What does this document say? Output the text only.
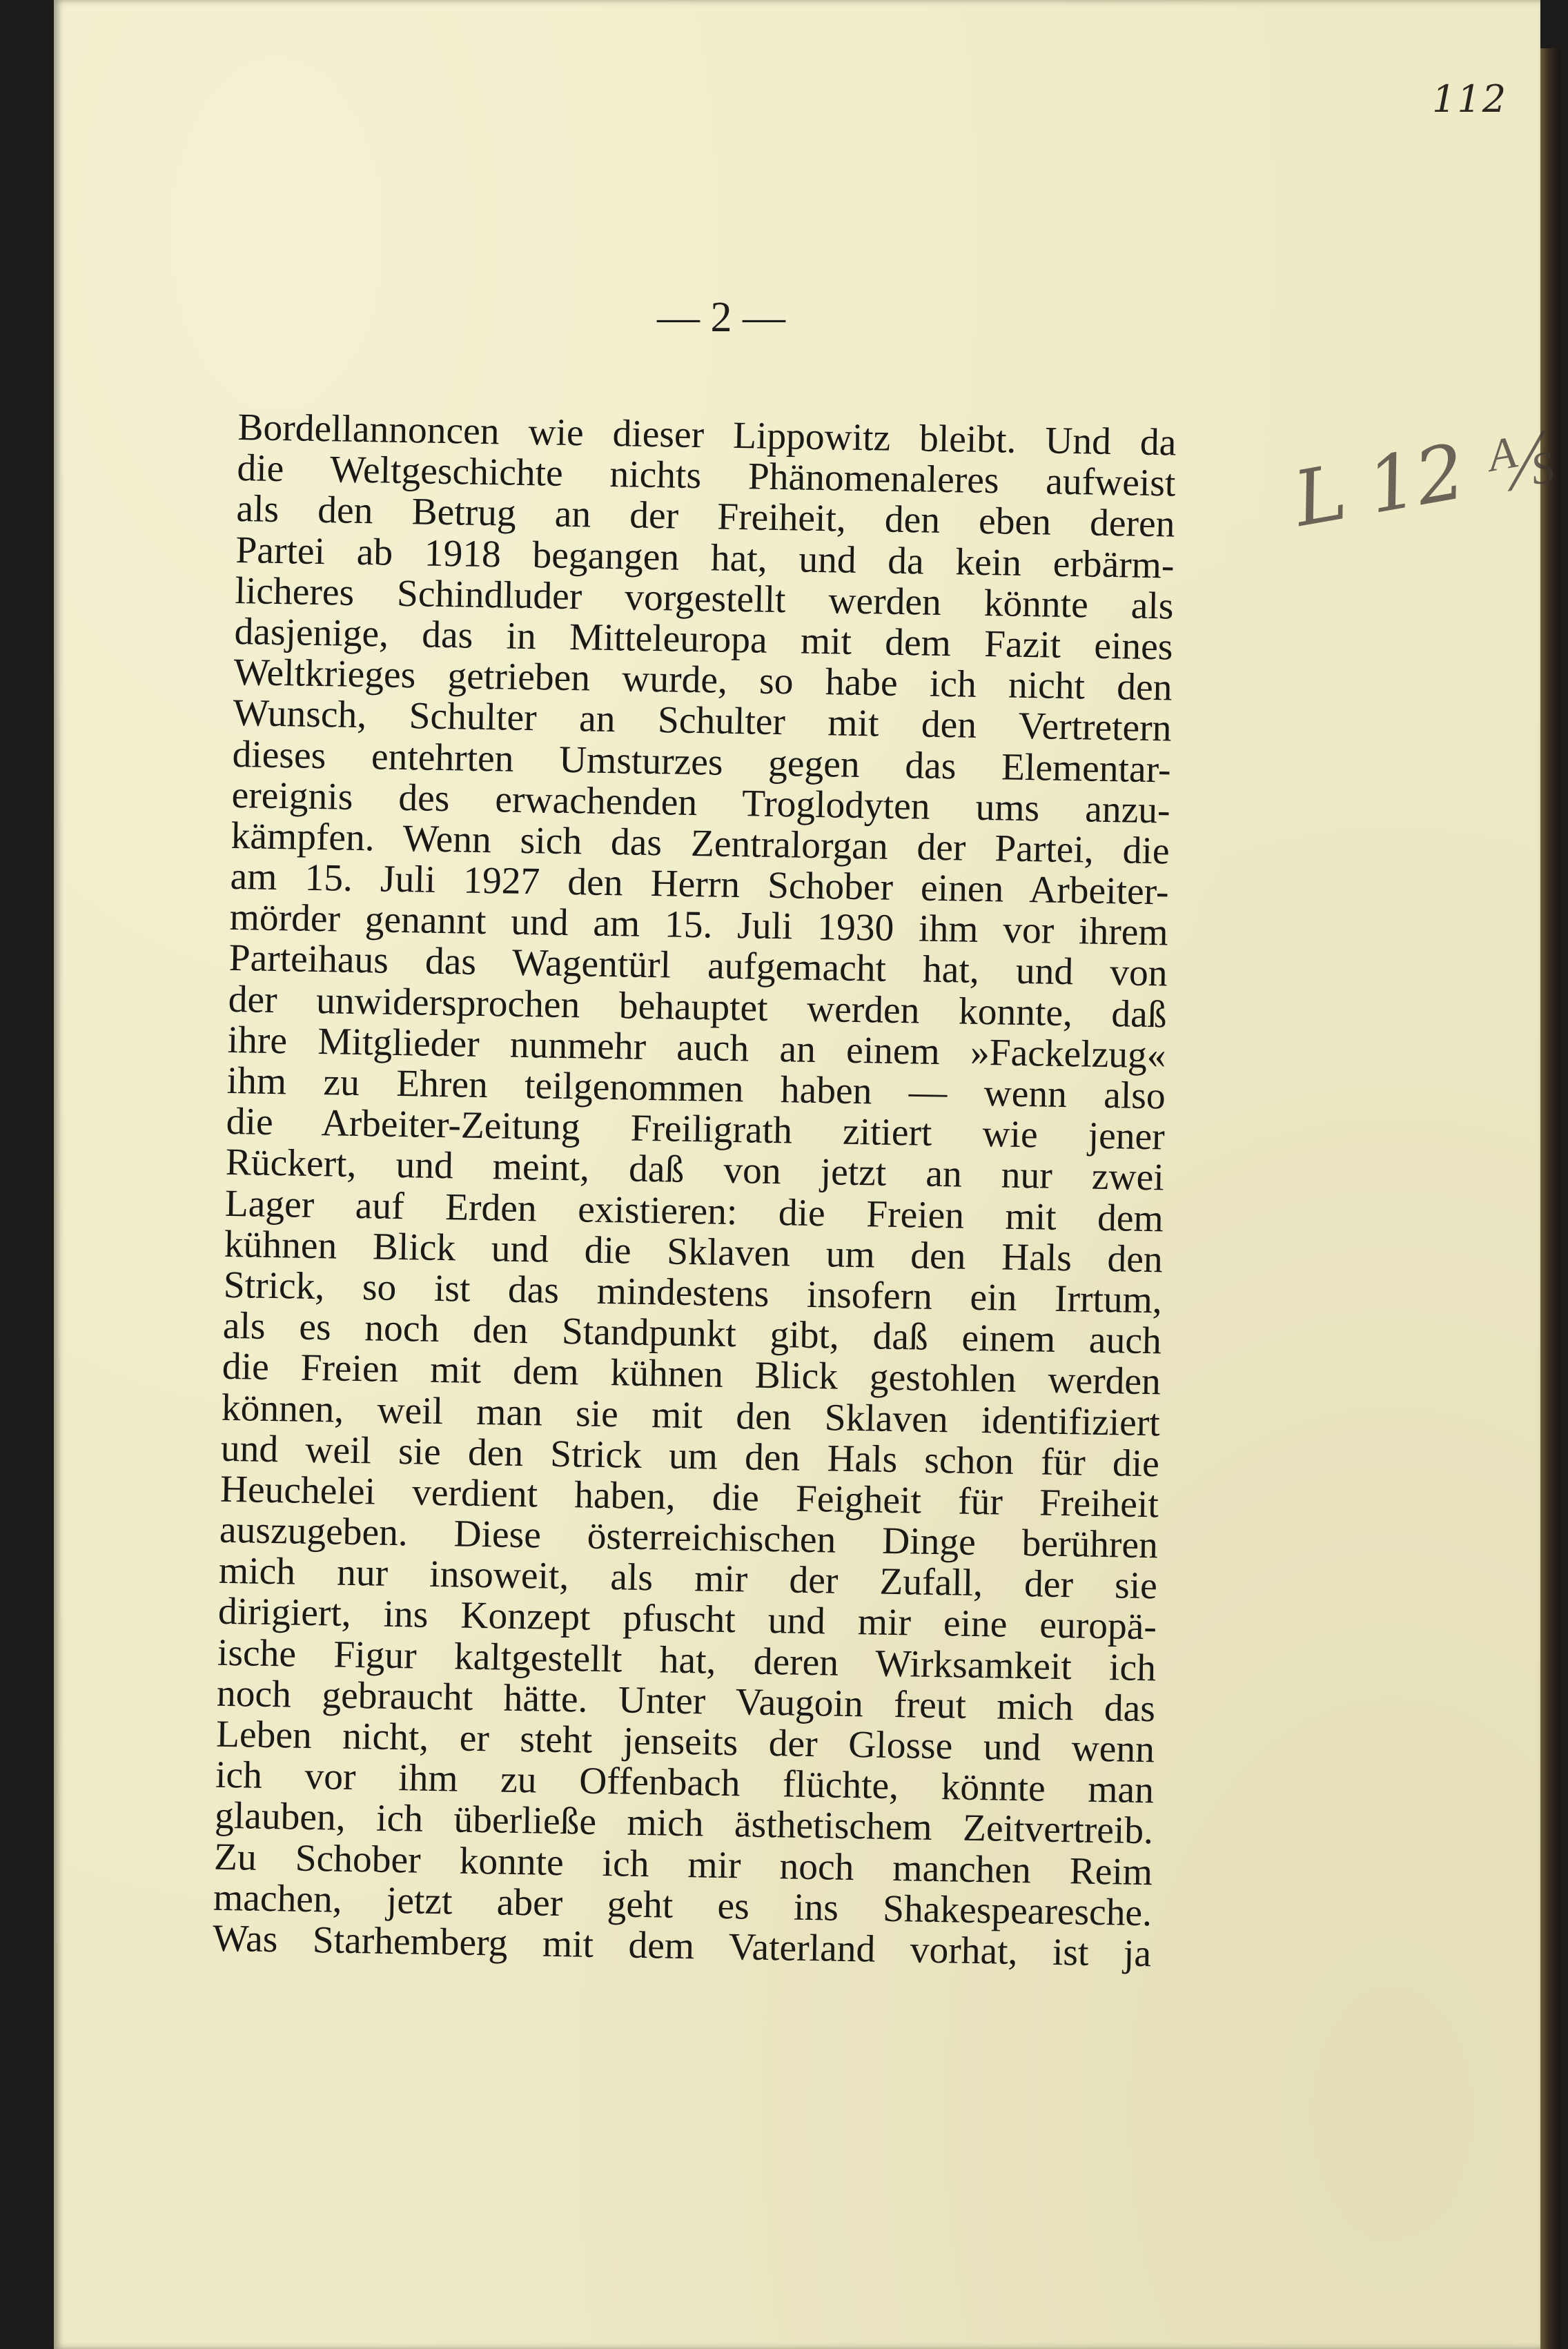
112
— 2 —
Bordellannoncen wie dieser Lippowitz bleibt. Und da
die Weltgeschichte nichts Phänomenaleres aufweist
als den Betrug an der Freiheit, den eben deren
Partei ab 1918 begangen hat, und da kein erbärm-
licheres Schindluder vorgestellt werden könnte als
dasjenige, das in Mitteleuropa mit dem Fazit eines
Weltkrieges getrieben wurde, so habe ich nicht den
Wunsch, Schulter an Schulter mit den Vertretern
dieses entehrten Umsturzes gegen das Elementar-
ereignis des erwachenden Troglodyten ums anzu-
kämpfen. Wenn sich das Zentralorgan der Partei, die
am 15. Juli 1927 den Herrn Schober einen Arbeiter-
mörder genannt und am 15. Juli 1930 ihm vor ihrem
Parteihaus das Wagentürl aufgemacht hat, und von
der unwidersprochen behauptet werden konnte, daß
ihre Mitglieder nunmehr auch an einem »Fackelzug«
ihm zu Ehren teilgenommen haben — wenn also
die Arbeiter-Zeitung Freiligrath zitiert wie jener
Rückert, und meint, daß von jetzt an nur zwei
Lager auf Erden existieren: die Freien mit dem
kühnen Blick und die Sklaven um den Hals den
Strick, so ist das mindestens insofern ein Irrtum,
als es noch den Standpunkt gibt, daß einem auch
die Freien mit dem kühnen Blick gestohlen werden
können, weil man sie mit den Sklaven identifiziert
und weil sie den Strick um den Hals schon für die
Heuchelei verdient haben, die Feigheit für Freiheit
auszugeben. Diese österreichischen Dinge berühren
mich nur insoweit, als mir der Zufall, der sie
dirigiert, ins Konzept pfuscht und mir eine europä-
ische Figur kaltgestellt hat, deren Wirksamkeit ich
noch gebraucht hätte. Unter Vaugoin freut mich das
Leben nicht, er steht jenseits der Glosse und wenn
ich vor ihm zu Offenbach flüchte, könnte man
glauben, ich überließe mich ästhetischem Zeitvertreib.
Zu Schober konnte ich mir noch manchen Reim
machen, jetzt aber geht es ins Shakespearesche.
Was Starhemberg mit dem Vaterland vorhat, ist ja
L 12 ⅍
